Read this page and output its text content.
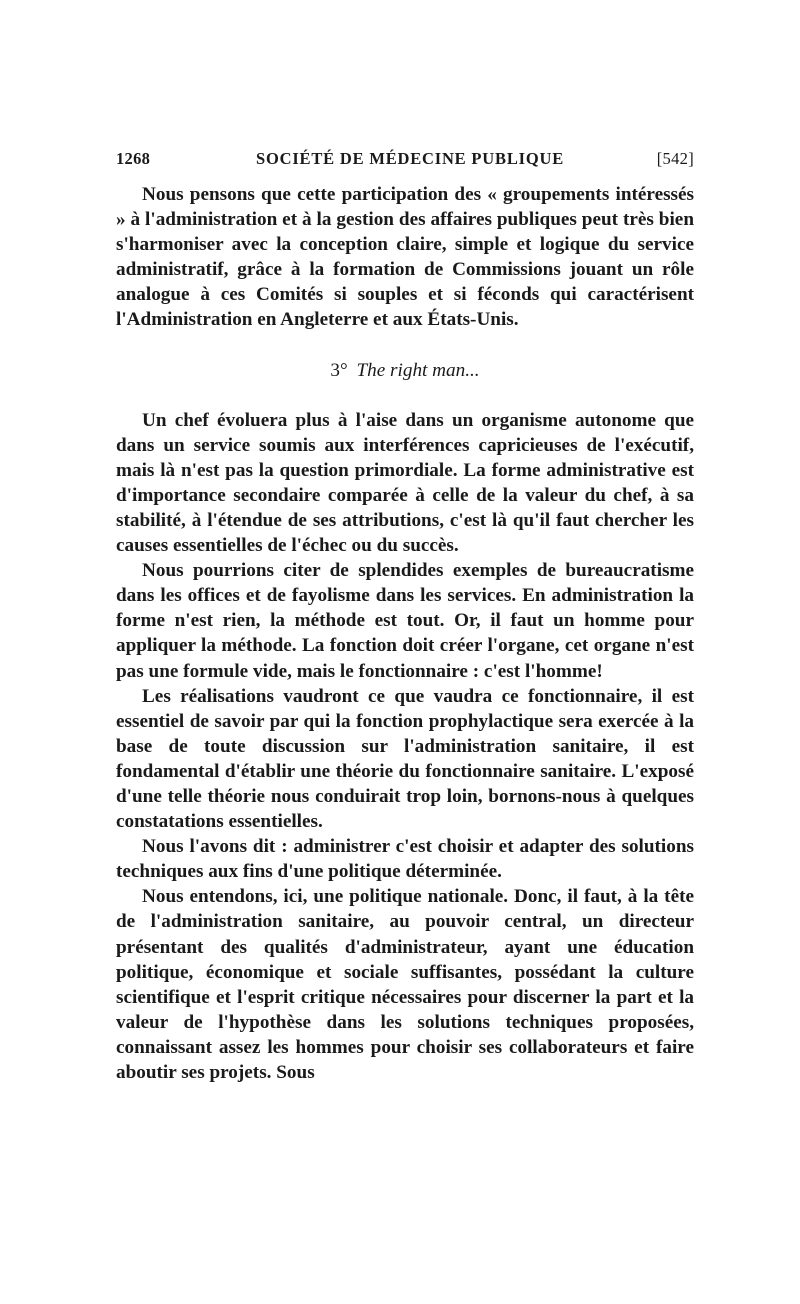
1268	SOCIÉTÉ DE MÉDECINE PUBLIQUE	[542]

Nous pensons que cette participation des « groupements intéressés » à l'administration et à la gestion des affaires publiques peut très bien s'harmoniser avec la conception claire, simple et logique du service administratif, grâce à la formation de Commissions jouant un rôle analogue à ces Comités si souples et si féconds qui caractérisent l'Administration en Angleterre et aux États-Unis.

3° The right man...

Un chef évoluera plus à l'aise dans un organisme autonome que dans un service soumis aux interférences capricieuses de l'exécutif, mais là n'est pas la question primordiale. La forme administrative est d'importance secondaire comparée à celle de la valeur du chef, à sa stabilité, à l'étendue de ses attributions, c'est là qu'il faut chercher les causes essentielles de l'échec ou du succès.

Nous pourrions citer de splendides exemples de bureaucratisme dans les offices et de fayolisme dans les services. En administration la forme n'est rien, la méthode est tout. Or, il faut un homme pour appliquer la méthode. La fonction doit créer l'organe, cet organe n'est pas une formule vide, mais le fonctionnaire : c'est l'homme!

Les réalisations vaudront ce que vaudra ce fonctionnaire, il est essentiel de savoir par qui la fonction prophylactique sera exercée à la base de toute discussion sur l'administration sanitaire, il est fondamental d'établir une théorie du fonctionnaire sanitaire. L'exposé d'une telle théorie nous conduirait trop loin, bornons-nous à quelques constatations essentielles.

Nous l'avons dit : administrer c'est choisir et adapter des solutions techniques aux fins d'une politique déterminée.

Nous entendons, ici, une politique nationale. Donc, il faut, à la tête de l'administration sanitaire, au pouvoir central, un directeur présentant des qualités d'administrateur, ayant une éducation politique, économique et sociale suffisantes, possédant la culture scientifique et l'esprit critique nécessaires pour discerner la part et la valeur de l'hypothèse dans les solutions techniques proposées, connaissant assez les hommes pour choisir ses collaborateurs et faire aboutir ses projets. Sous
